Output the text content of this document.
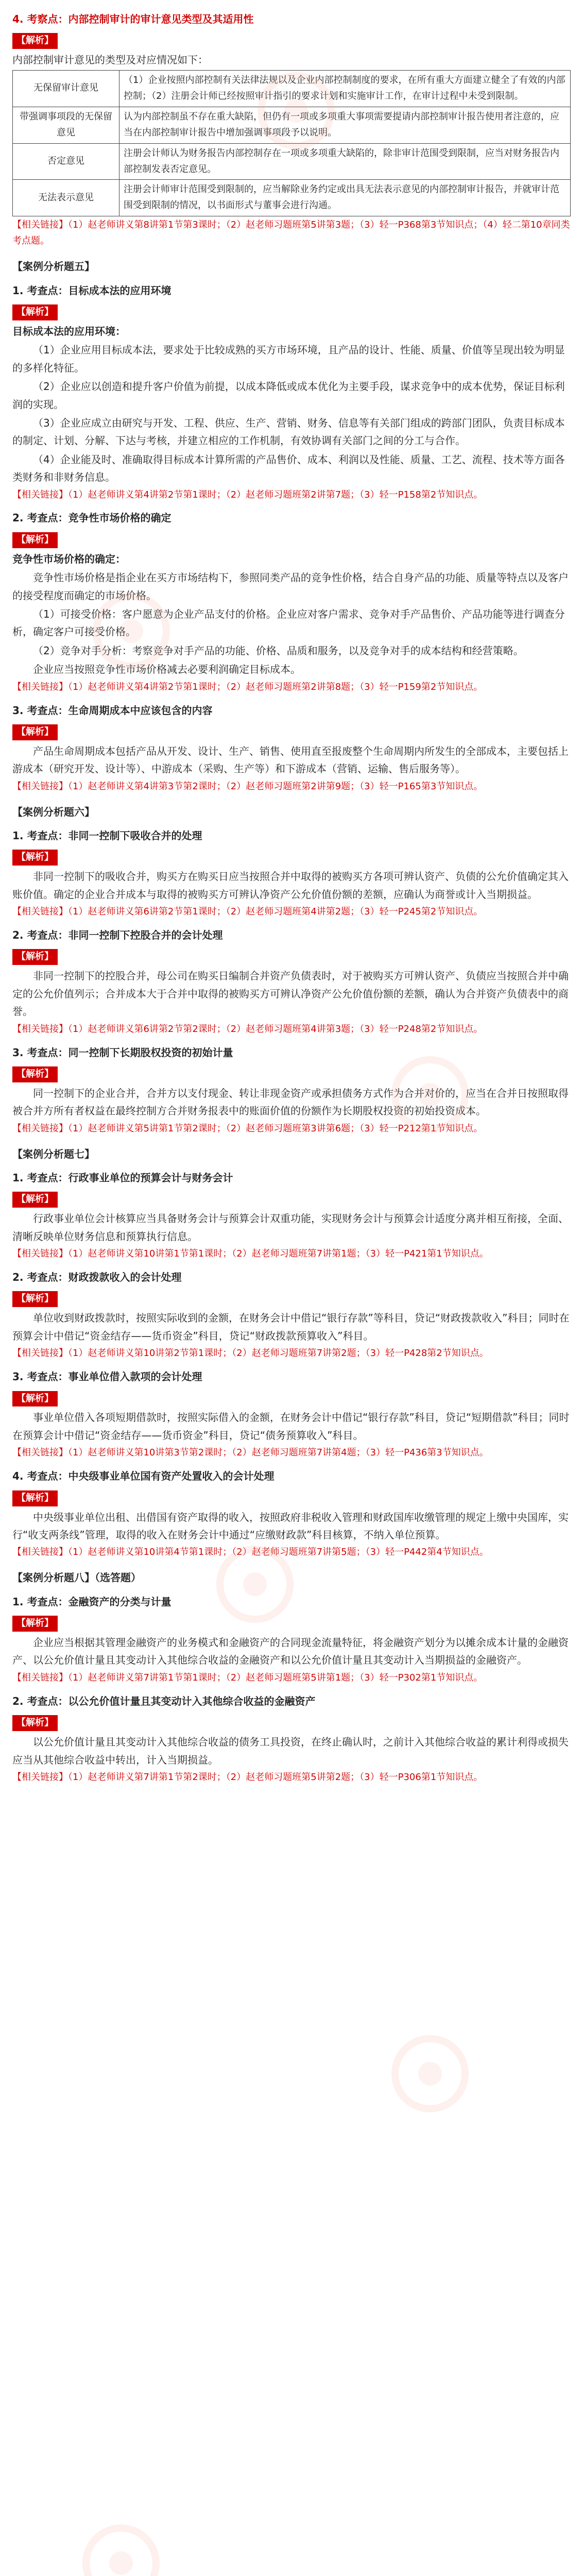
4. 考察点：内部控制审计的审计意见类型及其适用性
【解析】

内部控制审计意见的类型及对应情况如下：

无保留审计意见	（1）企业按照内部控制有关法律法规以及企业内部控制制度的要求，在所有重大方面建立健全了有效的内部控制；（2）注册会计师已经按照审计指引的要求计划和实施审计工作，在审计过程中未受到限制。
带强调事项段的无保留意见	认为内部控制虽不存在重大缺陷，但仍有一项或多项重大事项需要提请内部控制审计报告使用者注意的，应当在内部控制审计报告中增加强调事项段予以说明。
否定意见	注册会计师认为财务报告内部控制存在一项或多项重大缺陷的，除非审计范围受到限制，应当对财务报告内部控制发表否定意见。
无法表示意见	注册会计师审计范围受到限制的，应当解除业务约定或出具无法表示意见的内部控制审计报告，并就审计范围受到限制的情况，以书面形式与董事会进行沟通。

【相关链接】（1）赵老师讲义第8讲第1节第3课时；（2）赵老师习题班第5讲第3题；（3）轻一P368第3节知识点；（4）轻二第10章同类考点题。

【案例分析题五】
1. 考查点：目标成本法的应用环境
【解析】

目标成本法的应用环境：

（1）企业应用目标成本法，要求处于比较成熟的买方市场环境，且产品的设计、性能、质量、价值等呈现出较为明显的多样化特征。

（2）企业应以创造和提升客户价值为前提，以成本降低或成本优化为主要手段，谋求竞争中的成本优势，保证目标利润的实现。

（3）企业应成立由研究与开发、工程、供应、生产、营销、财务、信息等有关部门组成的跨部门团队，负责目标成本的制定、计划、分解、下达与考核，并建立相应的工作机制，有效协调有关部门之间的分工与合作。

（4）企业能及时、准确取得目标成本计算所需的产品售价、成本、利润以及性能、质量、工艺、流程、技术等方面各类财务和非财务信息。

【相关链接】（1）赵老师讲义第4讲第2节第1课时；（2）赵老师习题班第2讲第7题；（3）轻一P158第2节知识点。

2. 考查点：竞争性市场价格的确定
【解析】

竞争性市场价格的确定：

竞争性市场价格是指企业在买方市场结构下，参照同类产品的竞争性价格，结合自身产品的功能、质量等特点以及客户的接受程度而确定的市场价格。

（1）可接受价格：客户愿意为企业产品支付的价格。企业应对客户需求、竞争对手产品售价、产品功能等进行调查分析，确定客户可接受价格。

（2）竞争对手分析：考察竞争对手产品的功能、价格、品质和服务，以及竞争对手的成本结构和经营策略。

企业应当按照竞争性市场价格减去必要利润确定目标成本。

【相关链接】（1）赵老师讲义第4讲第2节第1课时；（2）赵老师习题班第2讲第8题；（3）轻一P159第2节知识点。

3. 考查点：生命周期成本中应该包含的内容
【解析】

产品生命周期成本包括产品从开发、设计、生产、销售、使用直至报废整个生命周期内所发生的全部成本，主要包括上游成本（研究开发、设计等）、中游成本（采购、生产等）和下游成本（营销、运输、售后服务等）。

【相关链接】（1）赵老师讲义第4讲第3节第2课时；（2）赵老师习题班第2讲第9题；（3）轻一P165第3节知识点。

【案例分析题六】
1. 考查点：非同一控制下吸收合并的处理
【解析】

非同一控制下的吸收合并，购买方在购买日应当按照合并中取得的被购买方各项可辨认资产、负债的公允价值确定其入账价值。确定的企业合并成本与取得的被购买方可辨认净资产公允价值份额的差额，应确认为商誉或计入当期损益。

【相关链接】（1）赵老师讲义第6讲第2节第1课时；（2）赵老师习题班第4讲第2题；（3）轻一P245第2节知识点。

2. 考查点：非同一控制下控股合并的会计处理
【解析】

非同一控制下的控股合并，母公司在购买日编制合并资产负债表时，对于被购买方可辨认资产、负债应当按照合并中确定的公允价值列示；合并成本大于合并中取得的被购买方可辨认净资产公允价值份额的差额，确认为合并资产负债表中的商誉。

【相关链接】（1）赵老师讲义第6讲第2节第2课时；（2）赵老师习题班第4讲第3题；（3）轻一P248第2节知识点。

3. 考查点：同一控制下长期股权投资的初始计量
【解析】

同一控制下的企业合并，合并方以支付现金、转让非现金资产或承担债务方式作为合并对价的，应当在合并日按照取得被合并方所有者权益在最终控制方合并财务报表中的账面价值的份额作为长期股权投资的初始投资成本。

【相关链接】（1）赵老师讲义第5讲第1节第2课时；（2）赵老师习题班第3讲第6题；（3）轻一P212第1节知识点。

【案例分析题七】
1. 考查点：行政事业单位的预算会计与财务会计
【解析】

行政事业单位会计核算应当具备财务会计与预算会计双重功能，实现财务会计与预算会计适度分离并相互衔接，全面、清晰反映单位财务信息和预算执行信息。

【相关链接】（1）赵老师讲义第10讲第1节第1课时；（2）赵老师习题班第7讲第1题；（3）轻一P421第1节知识点。

2. 考查点：财政拨款收入的会计处理
【解析】

单位收到财政拨款时，按照实际收到的金额，在财务会计中借记“银行存款”等科目，贷记“财政拨款收入”科目；同时在预算会计中借记“资金结存——货币资金”科目，贷记“财政拨款预算收入”科目。

【相关链接】（1）赵老师讲义第10讲第2节第1课时；（2）赵老师习题班第7讲第2题；（3）轻一P428第2节知识点。

3. 考查点：事业单位借入款项的会计处理
【解析】

事业单位借入各项短期借款时，按照实际借入的金额，在财务会计中借记“银行存款”科目，贷记“短期借款”科目；同时在预算会计中借记“资金结存——货币资金”科目，贷记“债务预算收入”科目。

【相关链接】（1）赵老师讲义第10讲第3节第2课时；（2）赵老师习题班第7讲第4题；（3）轻一P436第3节知识点。

4. 考查点：中央级事业单位国有资产处置收入的会计处理
【解析】

中央级事业单位出租、出借国有资产取得的收入，按照政府非税收入管理和财政国库收缴管理的规定上缴中央国库，实行“收支两条线”管理，取得的收入在财务会计中通过“应缴财政款”科目核算，不纳入单位预算。

【相关链接】（1）赵老师讲义第10讲第4节第1课时；（2）赵老师习题班第7讲第5题；（3）轻一P442第4节知识点。

【案例分析题八】（选答题）
1. 考查点：金融资产的分类与计量
【解析】

企业应当根据其管理金融资产的业务模式和金融资产的合同现金流量特征，将金融资产划分为以摊余成本计量的金融资产、以公允价值计量且其变动计入其他综合收益的金融资产和以公允价值计量且其变动计入当期损益的金融资产。

【相关链接】（1）赵老师讲义第7讲第1节第1课时；（2）赵老师习题班第5讲第1题；（3）轻一P302第1节知识点。

2. 考查点：以公允价值计量且其变动计入其他综合收益的金融资产
【解析】

以公允价值计量且其变动计入其他综合收益的债务工具投资，在终止确认时，之前计入其他综合收益的累计利得或损失应当从其他综合收益中转出，计入当期损益。

【相关链接】（1）赵老师讲义第7讲第1节第2课时；（2）赵老师习题班第5讲第2题；（3）轻一P306第1节知识点。
